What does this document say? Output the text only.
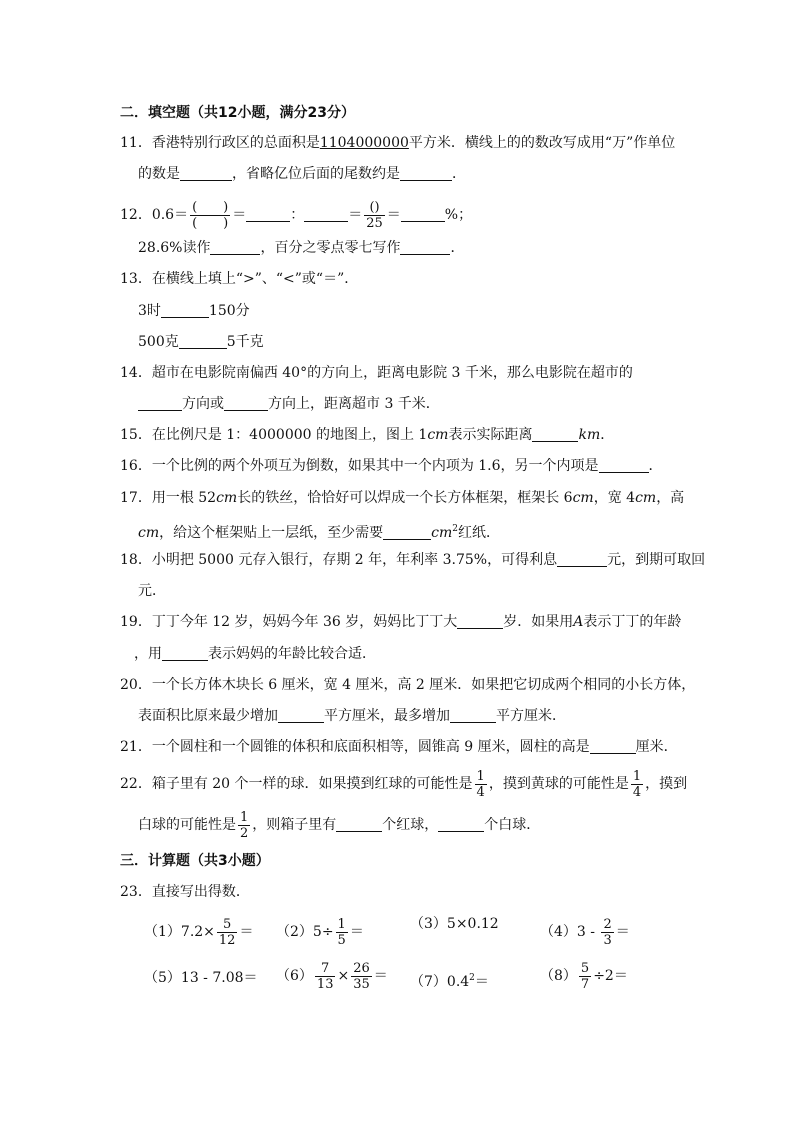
二．填空题（共12小题，满分23分）
11．香港特别行政区的总面积是1104000000平方米．横线上的的数改写成用“万”作单位
的数是	，省略亿位后面的尾数约是	．
12．$0.6= \frac{( )}{( )}$ ＝	：	＝ $\frac{()}{25}$ ＝	%；
28.6%读作	，百分之零点零七写作	．
13．在横线上填上“>”、“<”或“＝”．
3时	150分
500克	5千克
14．超市在电影院南偏西 40°的方向上，距离电影院 3 千米，那么电影院在超市的
方向或	方向上，距离超市 3 千米．
15．在比例尺是 1：4000000 的地图上，图上 1cm表示实际距离	km．
16．一个比例的两个外项互为倒数，如果其中一个内项为 1.6，另一个内项是	．
17．用一根 52cm长的铁丝，恰恰好可以焊成一个长方体框架，框架长 6cm，宽 4cm，高
cm，给这个框架贴上一层纸，至少需要	$cm^2$红纸．
18．小明把 5000 元存入银行，存期 2 年，年利率 3.75%，可得利息	元，到期可取回
元．
19．丁丁今年 12 岁，妈妈今年 36 岁，妈妈比丁丁大	岁．如果用A表示丁丁的年龄
，用	表示妈妈的年龄比较合适．
20．一个长方体木块长 6 厘米，宽 4 厘米，高 2 厘米．如果把它切成两个相同的小长方体，
表面积比原来最少增加	平方厘米，最多增加	平方厘米．
21．一个圆柱和一个圆锥的体积和底面积相等，圆锥高 9 厘米，圆柱的高是	厘米．
22．箱子里有 20 个一样的球．如果摸到红球的可能性是 $\frac{1}{4}$ ，摸到黄球的可能性是 $\frac{1}{4}$ ，摸到
白球的可能性是 $\frac{1}{2}$ ，则箱子里有	个红球，	个白球．
三．计算题（共3小题）
23．直接写出得数．
$(1)7.2\times \frac{5}{12} = (2)5\div \frac{1}{5}$ ＝	（3）5×0.12	$(4)3 - \frac{2}{3}$ ＝
$(5)13 - 7.08= (6) \frac{7}{13} \times \frac{26}{35} = (7)0.4^2=$	$(8) \frac{5}{7} \div 2=$
